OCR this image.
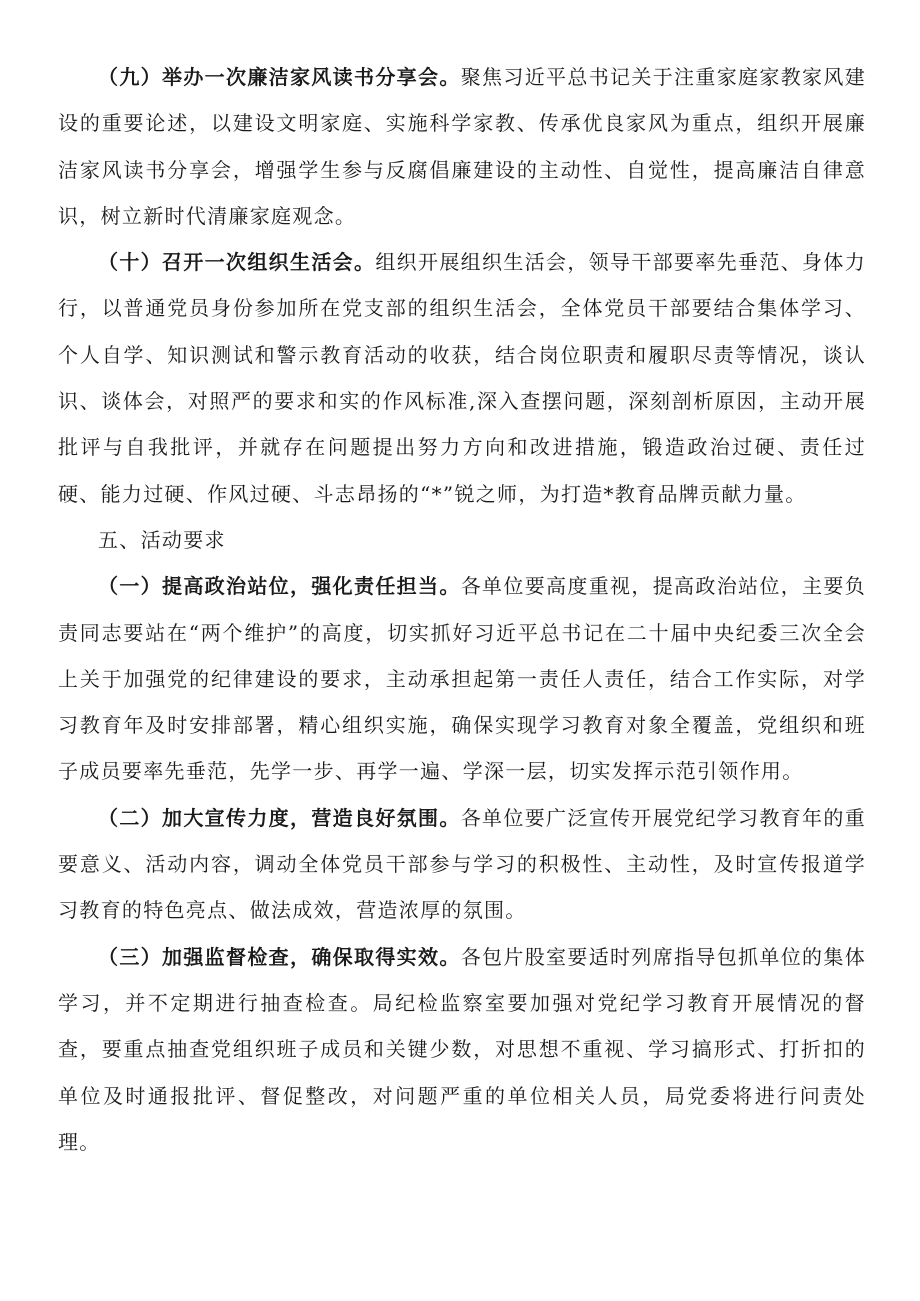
（九）举办一次廉洁家风读书分享会。聚焦习近平总书记关于注重家庭家教家风建设的重要论述，以建设文明家庭、实施科学家教、传承优良家风为重点，组织开展廉洁家风读书分享会，增强学生参与反腐倡廉建设的主动性、自觉性，提高廉洁自律意识，树立新时代清廉家庭观念。

（十）召开一次组织生活会。组织开展组织生活会，领导干部要率先垂范、身体力行，以普通党员身份参加所在党支部的组织生活会，全体党员干部要结合集体学习、个人自学、知识测试和警示教育活动的收获，结合岗位职责和履职尽责等情况，谈认识、谈体会，对照严的要求和实的作风标准,深入查摆问题，深刻剖析原因，主动开展批评与自我批评，并就存在问题提出努力方向和改进措施，锻造政治过硬、责任过硬、能力过硬、作风过硬、斗志昂扬的“*”锐之师，为打造*教育品牌贡献力量。

五、活动要求

（一）提高政治站位，强化责任担当。各单位要高度重视，提高政治站位，主要负责同志要站在“两个维护”的高度，切实抓好习近平总书记在二十届中央纪委三次全会上关于加强党的纪律建设的要求，主动承担起第一责任人责任，结合工作实际，对学习教育年及时安排部署，精心组织实施，确保实现学习教育对象全覆盖，党组织和班子成员要率先垂范，先学一步、再学一遍、学深一层，切实发挥示范引领作用。

（二）加大宣传力度，营造良好氛围。各单位要广泛宣传开展党纪学习教育年的重要意义、活动内容，调动全体党员干部参与学习的积极性、主动性，及时宣传报道学习教育的特色亮点、做法成效，营造浓厚的氛围。

（三）加强监督检查，确保取得实效。各包片股室要适时列席指导包抓单位的集体学习，并不定期进行抽查检查。局纪检监察室要加强对党纪学习教育开展情况的督查，要重点抽查党组织班子成员和关键少数，对思想不重视、学习搞形式、打折扣的单位及时通报批评、督促整改，对问题严重的单位相关人员，局党委将进行问责处理。
